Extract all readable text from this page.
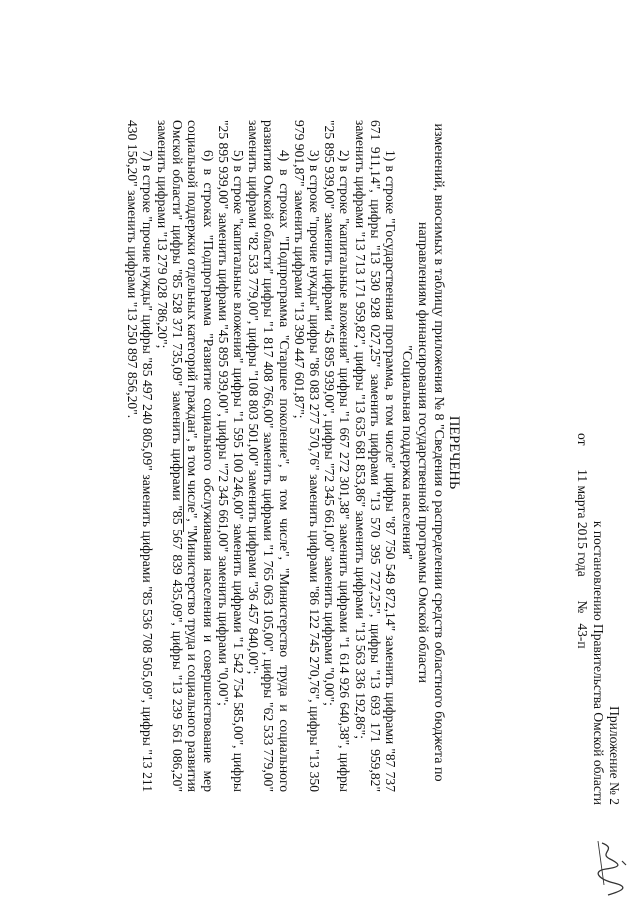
Приложение № 2
к постановлению Правительства Омской области
от       11 марта 2015 года       №   43-п
ПЕРЕЧЕНЬ
изменений, вносимых в таблицу приложения № 8 "Сведения о распределении средств областного бюджета по
направлениям финансирования государственной программы Омской области
"Социальная поддержка населения"

1) в строке "Государственная программа, в том числе" цифры "87 750 549 872,14" заменить цифрами "87 737 671 911,14", цифры "13 530 928 027,25" заменить цифрами "13 570 395 727,25", цифры "13 693 171 959,82" заменить цифрами "13 713 171 959,82", цифры "13 635 681 853,86" заменить цифрами "13 563 336 192,86";

2) в строке "капитальные вложения" цифры "1 667 272 301,38" заменить цифрами "1 614 926 640,38", цифры "25 895 939,00" заменить цифрами "45 895 939,00", цифры "72 345 661,00" заменить цифрами "0,00";

3) в строке "прочие нужды" цифры "86 083 277 570,76" заменить цифрами "86 122 745 270,76", цифры "13 350 979 901,87" заменить цифрами "13 390 447 601,87";

4) в строках "Подпрограмма "Старшее поколение", в том числе", "Министерство труда и социального развития Омской области" цифры "1 817 408 766,00" заменить цифрами "1 765 063 105,00", цифры "62 533 779,00" заменить цифрами "82 533 779,00", цифры "108 803 501,00" заменить цифрами "36 457 840,00";

5) в строке "капитальные вложения" цифры "1 595 100 246,00" заменить цифрами "1 542 754 585,00", цифры "25 895 939,00" заменить цифрами "45 895 939,00", цифры "72 345 661,00" заменить цифрами "0,00";

6) в строках "Подпрограмма "Развитие социального обслуживания населения и совершенствование мер социальной поддержки отдельных категорий граждан", в том числе", "Министерство труда и социального развития Омской области" цифры "85 528 371 735,09" заменить цифрами "85 567 839 435,09", цифры "13 239 561 086,20" заменить цифрами "13 279 028 786,20";

7) в строке "прочие нужды" цифры "85 497 240 805,09" заменить цифрами "85 536 708 505,09", цифры "13 211 430 156,20" заменить цифрами "13 250 897 856,20".
